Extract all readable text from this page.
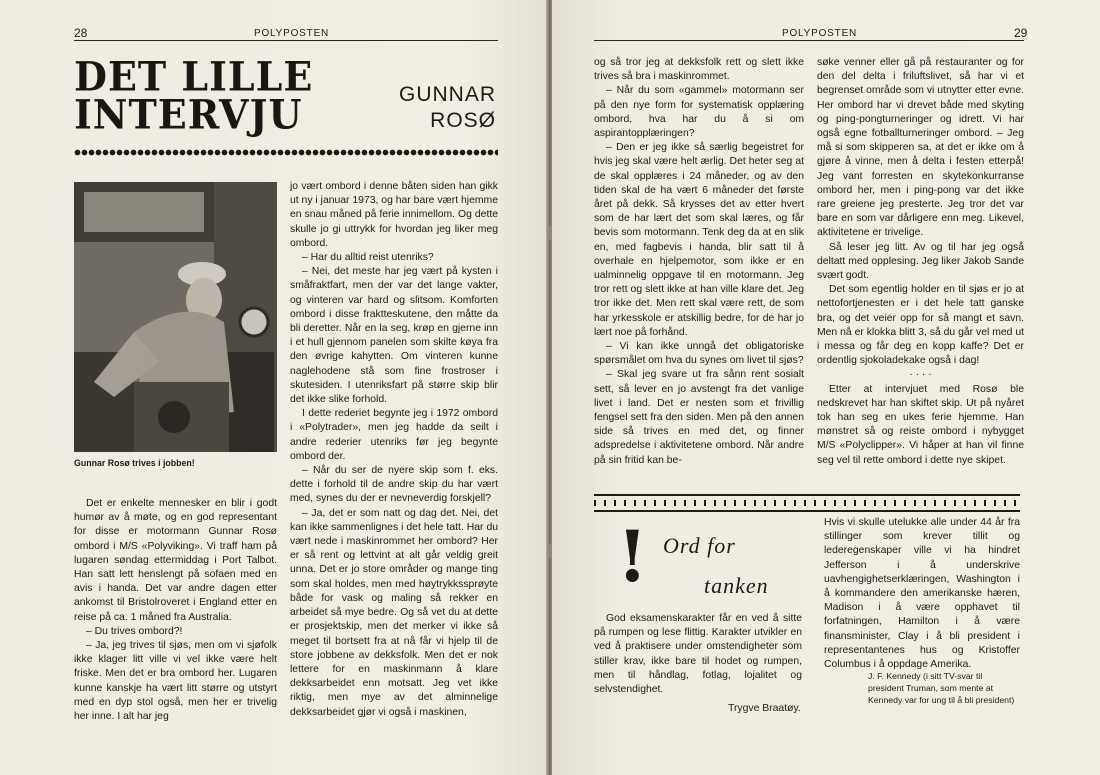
28	POLYPOSTEN
DET LILLE
INTERVJU	GUNNAR
ROSØ
Gunnar Rosø trives i jobben!

Det er enkelte mennesker en blir i godt humør av å møte, og en god representant for disse er motormann Gunnar Rosø ombord i M/S «Polyviking». Vi traff ham på lugaren søndag ettermiddag i Port Talbot. Han satt lett henslengt på sofaen med en avis i handa. Det var andre dagen etter ankomst til Bristolroveret i England etter en reise på ca. 1 måned fra Australia.

– Du trives ombord?!

– Ja, jeg trives til sjøs, men om vi sjøfolk ikke klager litt ville vi vel ikke være helt friske. Men det er bra ombord her. Lugaren kunne kanskje ha vært litt større og utstyrt med en dyp stol også, men her er trivelig her inne. I alt har jeg

jo vært ombord i denne båten siden han gikk ut ny i januar 1973, og har bare vært hjemme en snau måned på ferie innimellom. Og dette skulle jo gi uttrykk for hvordan jeg liker meg ombord.

– Har du alltid reist utenriks?

– Nei, det meste har jeg vært på kysten i småfraktfart, men der var det lange vakter, og vinteren var hard og slitsom. Komforten ombord i disse fraktteskutene, den måtte da bli deretter. Når en la seg, krøp en gjerne inn i et hull gjennom panelen som skilte køya fra den øvrige kahytten. Om vinteren kunne naglehodene stå som fine frostroser i skutesiden. I utenriksfart på større skip blir det ikke slike forhold.

I dette rederiet begynte jeg i 1972 ombord i «Polytrader», men jeg hadde da seilt i andre rederier utenriks før jeg begynte ombord der.

– Når du ser de nyere skip som f. eks. dette i forhold til de andre skip du har vært med, synes du der er nevneverdig forskjell?

– Ja, det er som natt og dag det. Nei, det kan ikke sammenlignes i det hele tatt. Har du vært nede i maskinrommet her ombord? Her er så rent og lettvint at alt går veldig greit unna. Det er jo store områder og mange ting som skal holdes, men med høytrykkssprøyte både for vask og maling så rekker en arbeidet så mye bedre. Og så vet du at dette er prosjektskip, men det merker vi ikke så meget til bortsett fra at nå får vi hjelp til de store jobbene av dekksfolk. Men det er nok lettere for en maskinmann å klare dekksarbeidet enn motsatt. Jeg vet ikke riktig, men mye av det alminnelige dekksarbeidet gjør vi også i maskinen,

POLYPOSTEN	29

og så tror jeg at dekksfolk rett og slett ikke trives så bra i maskinrommet.

– Når du som «gammel» motormann ser på den nye form for systematisk opplæring ombord, hva har du å si om aspirantopplæringen?

– Den er jeg ikke så særlig begeistret for hvis jeg skal være helt ærlig. Det heter seg at de skal opplæres i 24 måneder, og av den tiden skal de ha vært 6 måneder det første året på dekk. Så krysses det av etter hvert som de har lært det som skal læres, og får bevis som motormann. Tenk deg da at en slik en, med fagbevis i handa, blir satt til å overhale en hjelpemotor, som ikke er en ualminnelig oppgave til en motormann. Jeg tror rett og slett ikke at han ville klare det. Jeg tror ikke det. Men rett skal være rett, de som har yrkesskole er atskillig bedre, for de har jo lært noe på forhånd.

– Vi kan ikke unngå det obligatoriske spørsmålet om hva du synes om livet til sjøs?

– Skal jeg svare ut fra sånn rent sosialt sett, så lever en jo avstengt fra det vanlige livet i land. Det er nesten som et frivillig fengsel sett fra den siden. Men på den annen side så trives en med det, og finner adspredelse i aktivitetene ombord. Når andre på sin fritid kan be-

søke venner eller gå på restauranter og for den del delta i friluftslivet, så har vi et begrenset område som vi utnytter etter evne. Her ombord har vi drevet både med skyting og ping-pongturneringer og idrett. Vi har også egne fotballturneringer ombord. – Jeg må si som skipperen sa, at det er ikke om å gjøre å vinne, men å delta i festen etterpå! Jeg vant forresten en skytekonkurranse ombord her, men i ping-pong var det ikke rare greiene jeg presterte. Jeg tror det var bare en som var dårligere enn meg. Likevel, aktivitetene er trivelige.

Så leser jeg litt. Av og til har jeg også deltatt med opplesing. Jeg liker Jakob Sande svært godt.

Det som egentlig holder en til sjøs er jo at nettofortjenesten er i det hele tatt ganske bra, og det veier opp for så mangt et savn. Men nå er klokka blitt 3, så du går vel med ut i messa og får deg en kopp kaffe? Det er ordentlig sjokoladekake også i dag!

· · · ·

Etter at intervjuet med Rosø ble nedskrevet har han skiftet skip. Ut på nyåret tok han seg en ukes ferie hjemme. Han mønstret så og reiste ombord i nybygget M/S «Polyclipper». Vi håper at han vil finne seg vel til rette ombord i dette nye skipet.

! Ord for
tanken

God eksamenskarakter får en ved å sitte på rumpen og lese flittig. Karakter utvikler en ved å praktisere under omstendigheter som stiller krav, ikke bare til hodet og rumpen, men til håndlag, fotlag, lojalitet og selvstendighet.

Trygve Braatøy.

Hvis vi skulle utelukke alle under 44 år fra stillinger som krever tillit og lederegenskaper ville vi ha hindret Jefferson i å underskrive uavhengighetserklæringen, Washington i å kommandere den amerikanske hæren, Madison i å være opphavet til forfatningen, Hamilton i å være finansminister, Clay i å bli president i representantenes hus og Kristoffer Columbus i å oppdage Amerika.

J. F. Kennedy (i sitt TV-svar til president Truman, som mente at Kennedy var for ung til å bli president)
